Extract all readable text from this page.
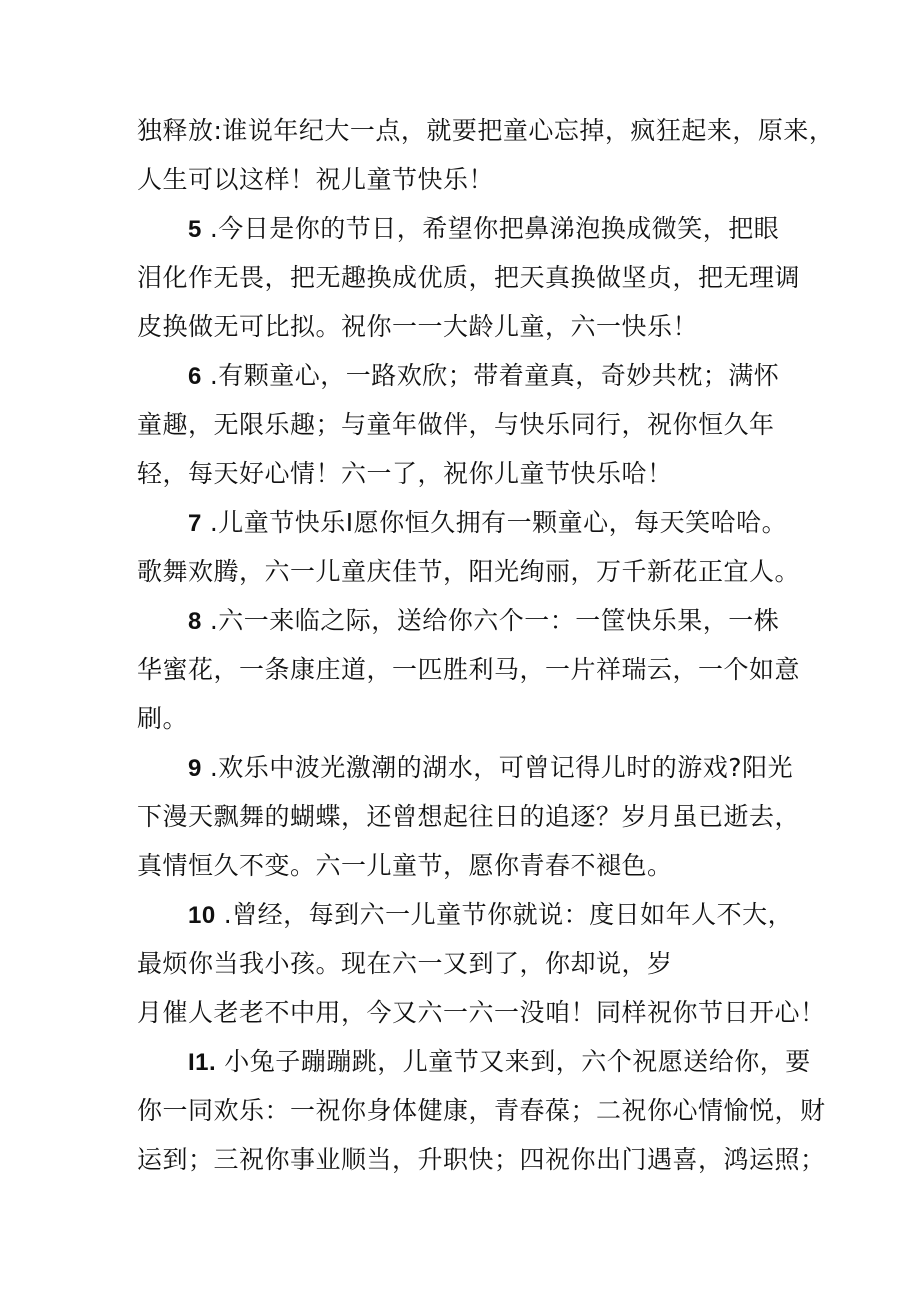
独释放:谁说年纪大一点，就要把童心忘掉，疯狂起来，原来，
人生可以这样！祝儿童节快乐！
5 .今日是你的节日，希望你把鼻涕泡换成微笑，把眼
泪化作无畏，把无趣换成优质，把天真换做坚贞，把无理调
皮换做无可比拟。祝你一一大龄儿童，六一快乐！
6 .有颗童心，一路欢欣；带着童真，奇妙共枕；满怀
童趣，无限乐趣；与童年做伴，与快乐同行，祝你恒久年
轻，每天好心情！六一了，祝你儿童节快乐哈！
7 .儿童节快乐I愿你恒久拥有一颗童心，每天笑哈哈。
歌舞欢腾，六一儿童庆佳节，阳光绚丽，万千新花正宜人。
8 .六一来临之际，送给你六个一：一筐快乐果，一株
华蜜花，一条康庄道，一匹胜利马，一片祥瑞云，一个如意
刷。
9 .欢乐中波光激潮的湖水，可曾记得儿时的游戏?阳光
下漫天飘舞的蝴蝶，还曾想起往日的追逐？岁月虽已逝去，
真情恒久不变。六一儿童节，愿你青春不褪色。
10 .曾经，每到六一儿童节你就说：度日如年人不大，
最烦你当我小孩。现在六一又到了，你却说，岁
月催人老老不中用，今又六一六一没咱！同样祝你节日开心！
I1. 小兔子蹦蹦跳，儿童节又来到，六个祝愿送给你，要
你一同欢乐：一祝你身体健康，青春葆；二祝你心情愉悦，财
运到；三祝你事业顺当，升职快；四祝你出门遇喜，鸿运照；
